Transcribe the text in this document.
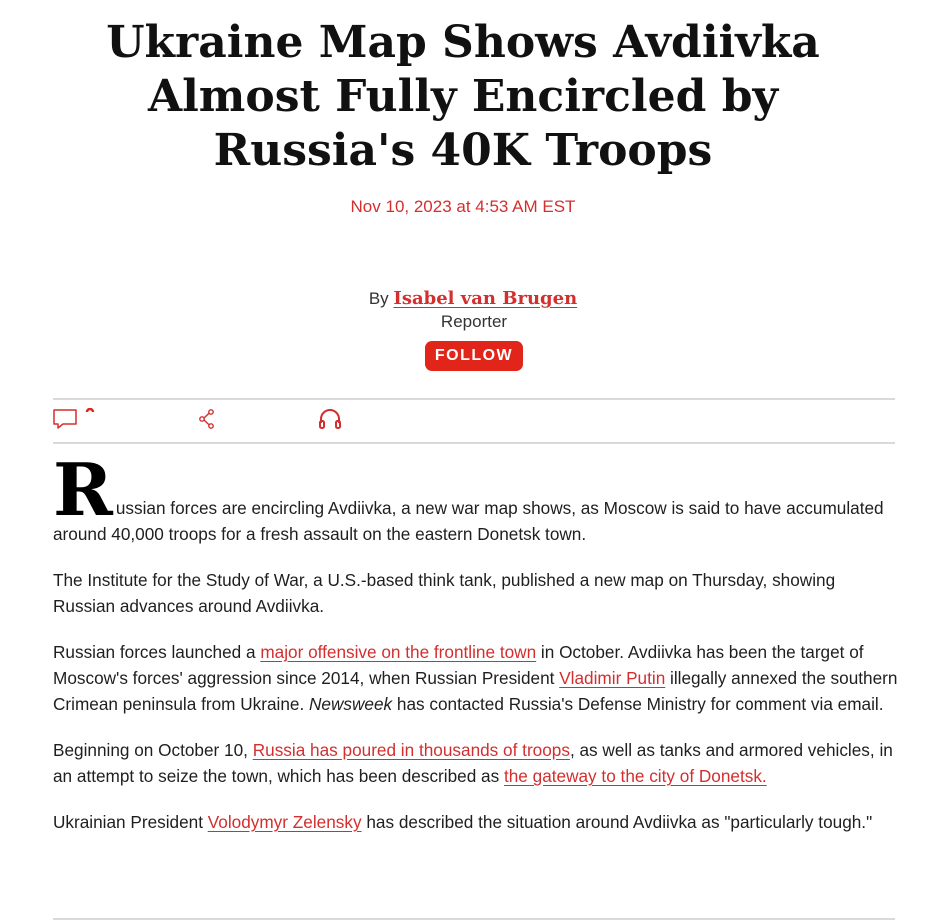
Ukraine Map Shows Avdiivka Almost Fully Encircled by Russia's 40K Troops
Nov 10, 2023 at 4:53 AM EST
By Isabel van Brugen
Reporter
FOLLOW

Russian forces are encircling Avdiivka, a new war map shows, as Moscow is said to have accumulated around 40,000 troops for a fresh assault on the eastern Donetsk town.

The Institute for the Study of War, a U.S.-based think tank, published a new map on Thursday, showing Russian advances around Avdiivka.

Russian forces launched a major offensive on the frontline town in October. Avdiivka has been the target of Moscow's forces' aggression since 2014, when Russian President Vladimir Putin illegally annexed the southern Crimean peninsula from Ukraine. Newsweek has contacted Russia's Defense Ministry for comment via email.

Beginning on October 10, Russia has poured in thousands of troops, as well as tanks and armored vehicles, in an attempt to seize the town, which has been described as the gateway to the city of Donetsk.

Ukrainian President Volodymyr Zelensky has described the situation around Avdiivka as "particularly tough."
